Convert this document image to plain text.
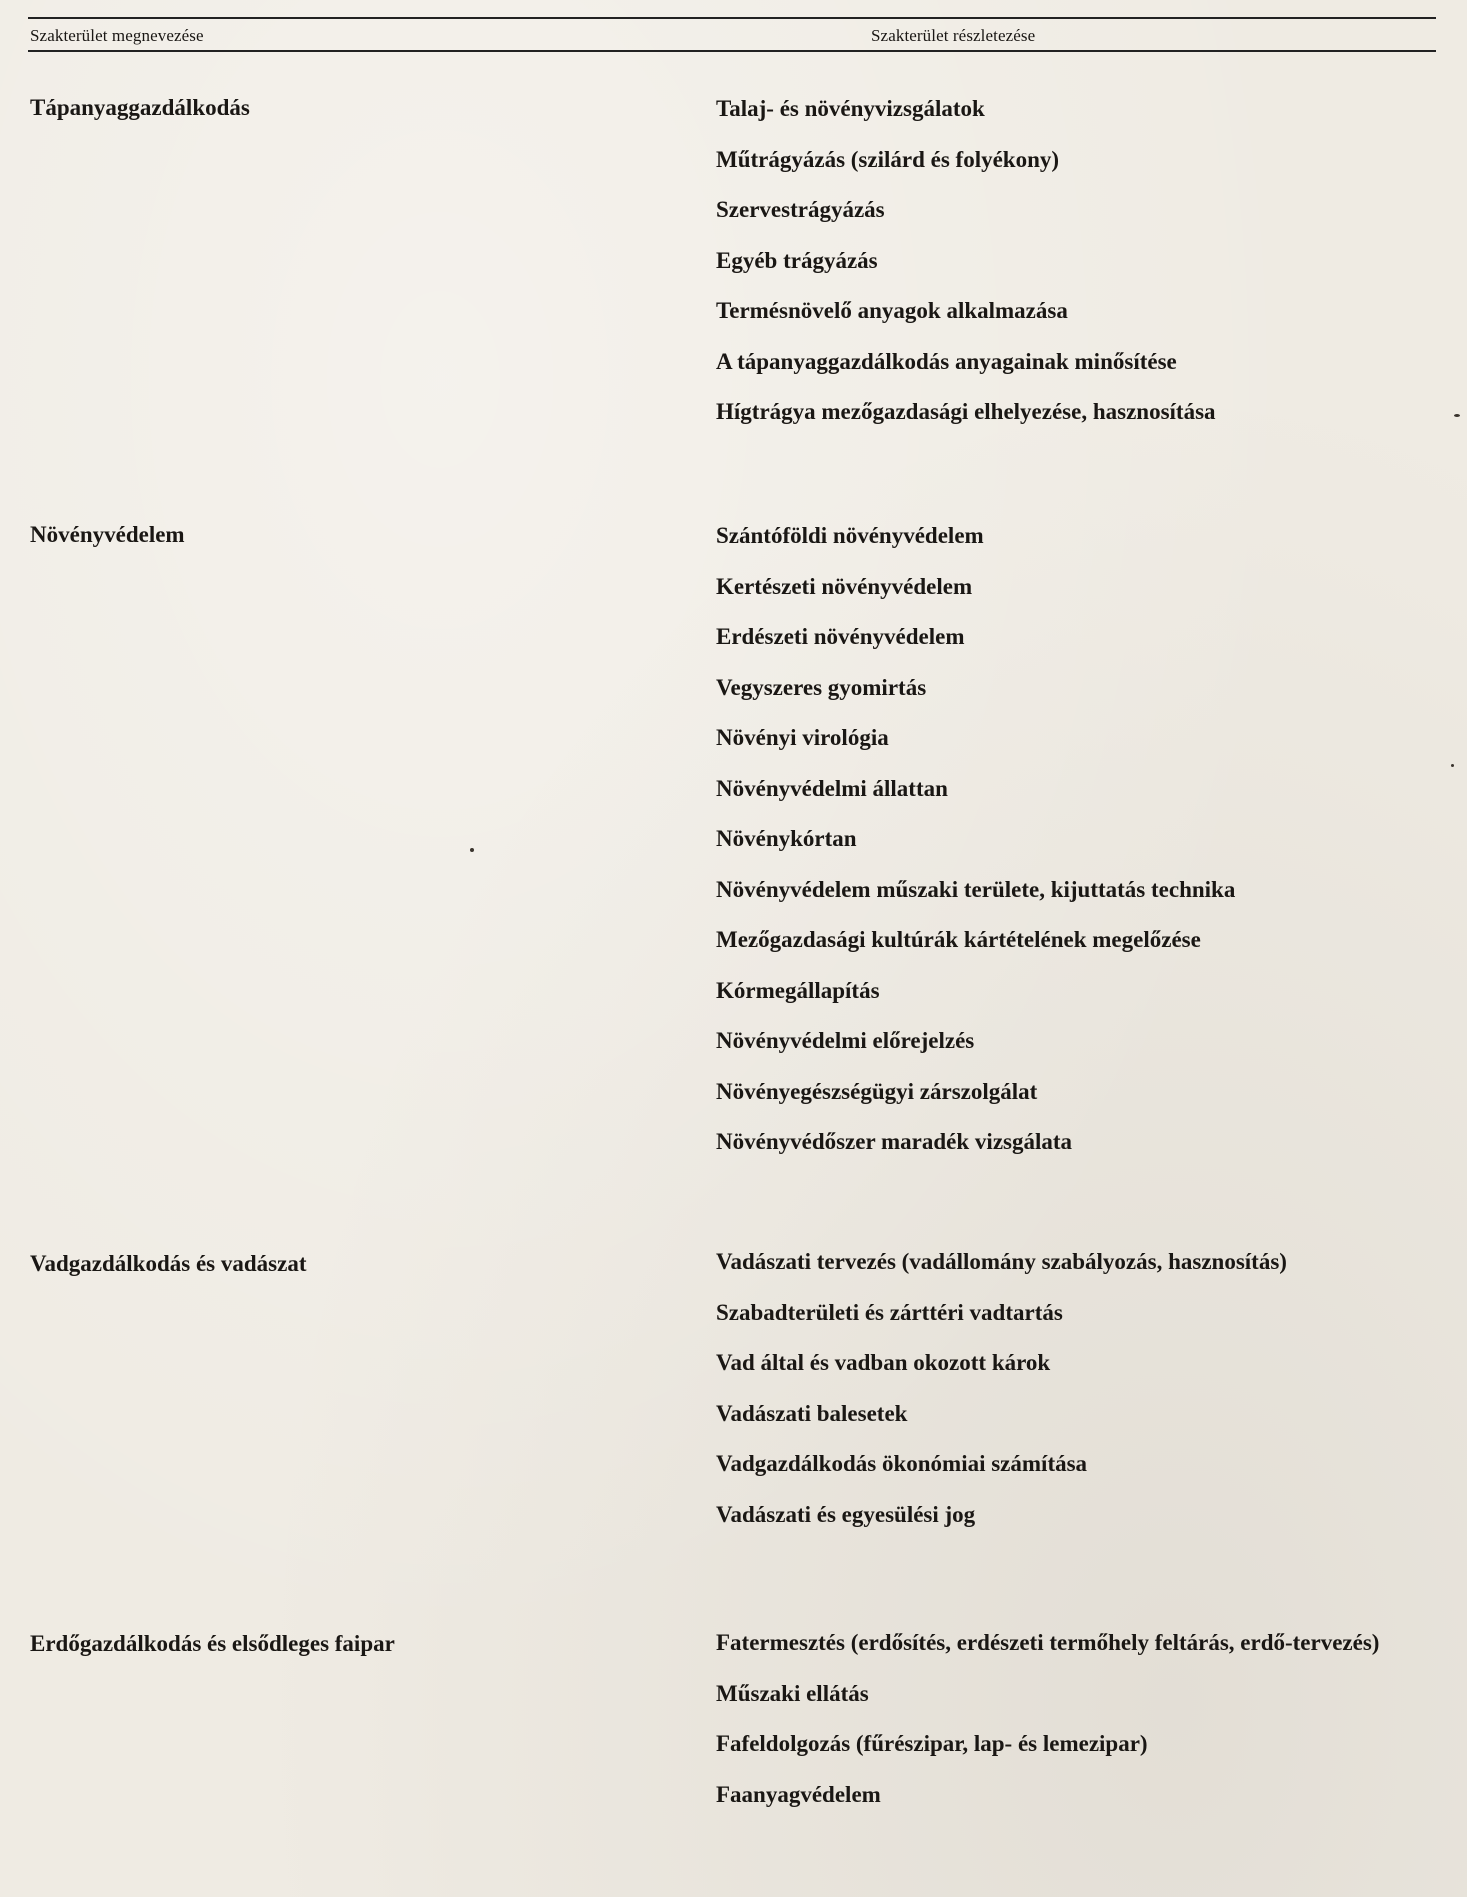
Szakterület megnevezése	Szakterület részletezése
Tápanyaggazdálkodás	Talaj- és növényvizsgálatok
Műtrágyázás (szilárd és folyékony)
Szervestrágyázás
Egyéb trágyázás
Termésnövelő anyagok alkalmazása
A tápanyaggazdálkodás anyagainak minősítése
Hígtrágya mezőgazdasági elhelyezése, hasznosítása
Növényvédelem	Szántóföldi növényvédelem
Kertészeti növényvédelem
Erdészeti növényvédelem
Vegyszeres gyomirtás
Növényi virológia
Növényvédelmi állattan
Növénykórtan
Növényvédelem műszaki területe, kijuttatás technika
Mezőgazdasági kultúrák kártételének megelőzése
Kórmegállapítás
Növényvédelmi előrejelzés
Növényegészségügyi zárszolgálat
Növényvédőszer maradék vizsgálata
Vadgazdálkodás és vadászat	Vadászati tervezés (vadállomány szabályozás, hasznosítás)
Szabadterületi és zárttéri vadtartás
Vad által és vadban okozott károk
Vadászati balesetek
Vadgazdálkodás ökonómiai számítása
Vadászati és egyesülési jog
Erdőgazdálkodás és elsődleges faipar	Fatermesztés (erdősítés, erdészeti termőhely feltárás, erdő-tervezés)
Műszaki ellátás
Fafeldolgozás (fűrészipar, lap- és lemezipar)
Faanyagvédelem
